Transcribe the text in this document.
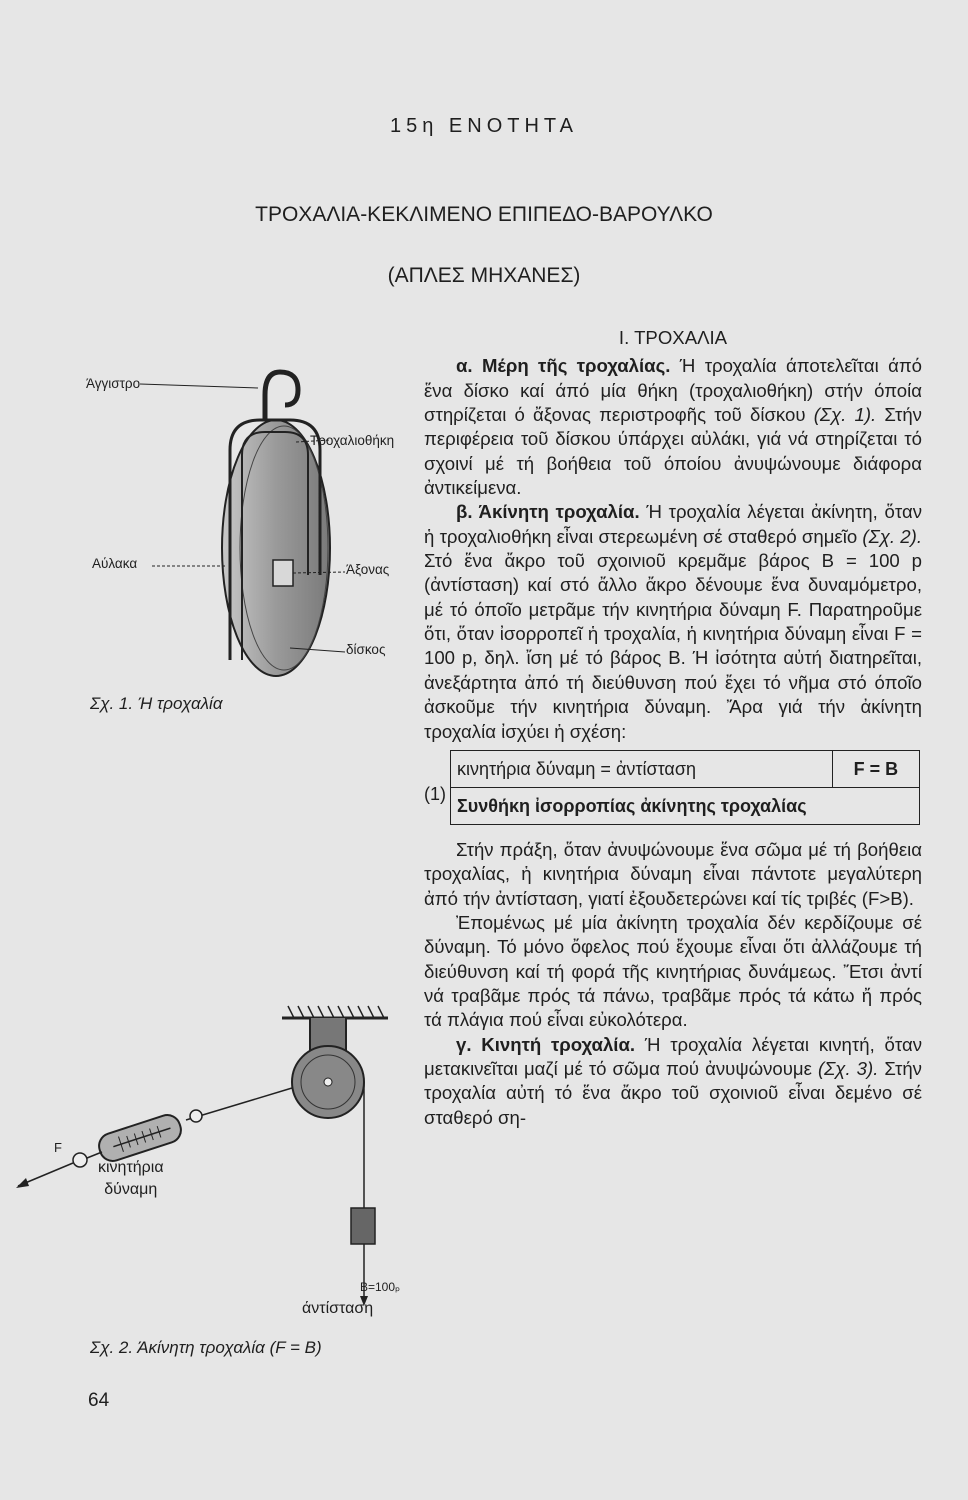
15η ΕΝΟΤΗΤΑ
ΤΡΟΧΑΛΙΑ-ΚΕΚΛΙΜΕΝΟ ΕΠΙΠΕΔΟ-ΒΑΡΟΥΛΚΟ
(ΑΠΛΕΣ ΜΗΧΑΝΕΣ)
Άγγιστρο
Τροχαλιοθήκη
Αύλακα	Άξονας
δίσκος
Σχ. 1. Ή τροχαλία
F
κινητήρια
δύναμη
B=100ₚ
άντίσταση
Σχ. 2. Άκίνητη τροχαλία (F = B)

Ι. ΤΡΟΧΑΛΙΑ

α. Μέρη τῆς τροχαλίας. Ή τροχαλία άποτελεῖται άπό ἕνα δίσκο καί άπό μία θήκη (τροχαλιοθήκη) στήν όποία στηρίζεται ό ἄξονας περιστροφῆς τοῦ δίσκου (Σχ. 1). Στήν περιφέρεια τοῦ δίσκου ύπάρχει αὐλάκι, γιά νά στηρίζεται τό σχοινί μέ τή βοήθεια τοῦ όποίου ἀνυψώνουμε διάφορα ἀντικείμενα.

β. Άκίνητη τροχαλία. Ή τροχαλία λέγεται ἀκίνητη, ὅταν ἡ τροχαλιοθήκη εἶναι στερεωμένη σέ σταθερό σημεῖο (Σχ. 2). Στό ἕνα ἄκρο τοῦ σχοινιοῦ κρεμᾶμε βάρος Β = 100 p (ἀντίσταση) καί στό ἄλλο ἄκρο δένουμε ἕνα δυναμόμετρο, μέ τό όποῖο μετρᾶμε τήν κινητήρια δύναμη F. Παρατηροῦμε ὅτι, ὅταν ἰσορροπεῖ ἡ τροχαλία, ἡ κινητήρια δύναμη εἶναι F = 100 p, δηλ. ἴση μέ τό βάρος Β. Ή ἰσότητα αὐτή διατηρεῖται, ἀνεξάρτητα ἀπό τή διεύθυνση πού ἔχει τό νῆμα στό όποῖο ἀσκοῦμε τήν κινητήρια δύναμη. Ἄρα γιά τήν ἀκίνητη τροχαλία ἰσχύει ἡ σχέση:

(1)
κινητήρια δύναμη = ἀντίσταση	F = B
Συνθήκη ἰσορροπίας ἀκίνητης τροχαλίας

Στήν πράξη, ὅταν ἀνυψώνουμε ἕνα σῶμα μέ τή βοήθεια τροχαλίας, ἡ κινητήρια δύναμη εἶναι πάντοτε μεγαλύτερη ἀπό τήν ἀντίσταση, γιατί ἐξουδετερώνει καί τίς τριβές (F>B).

Ἐπομένως μέ μία ἀκίνητη τροχαλία δέν κερδίζουμε σέ δύναμη. Τό μόνο ὄφελος πού ἔχουμε εἶναι ὅτι ἀλλάζουμε τή διεύθυνση καί τή φορά τῆς κινητήριας δυνάμεως. Ἔτσι ἀντί νά τραβᾶμε πρός τά πάνω, τραβᾶμε πρός τά κάτω ἤ πρός τά πλάγια πού εἶναι εὐκολότερα.

γ. Κινητή τροχαλία. Ή τροχαλία λέγεται κινητή, ὅταν μετακινεῖται μαζί μέ τό σῶμα πού ἀνυψώνουμε (Σχ. 3). Στήν τροχαλία αὐτή τό ἕνα ἄκρο τοῦ σχοινιοῦ εἶναι δεμένο σέ σταθερό ση-

64
